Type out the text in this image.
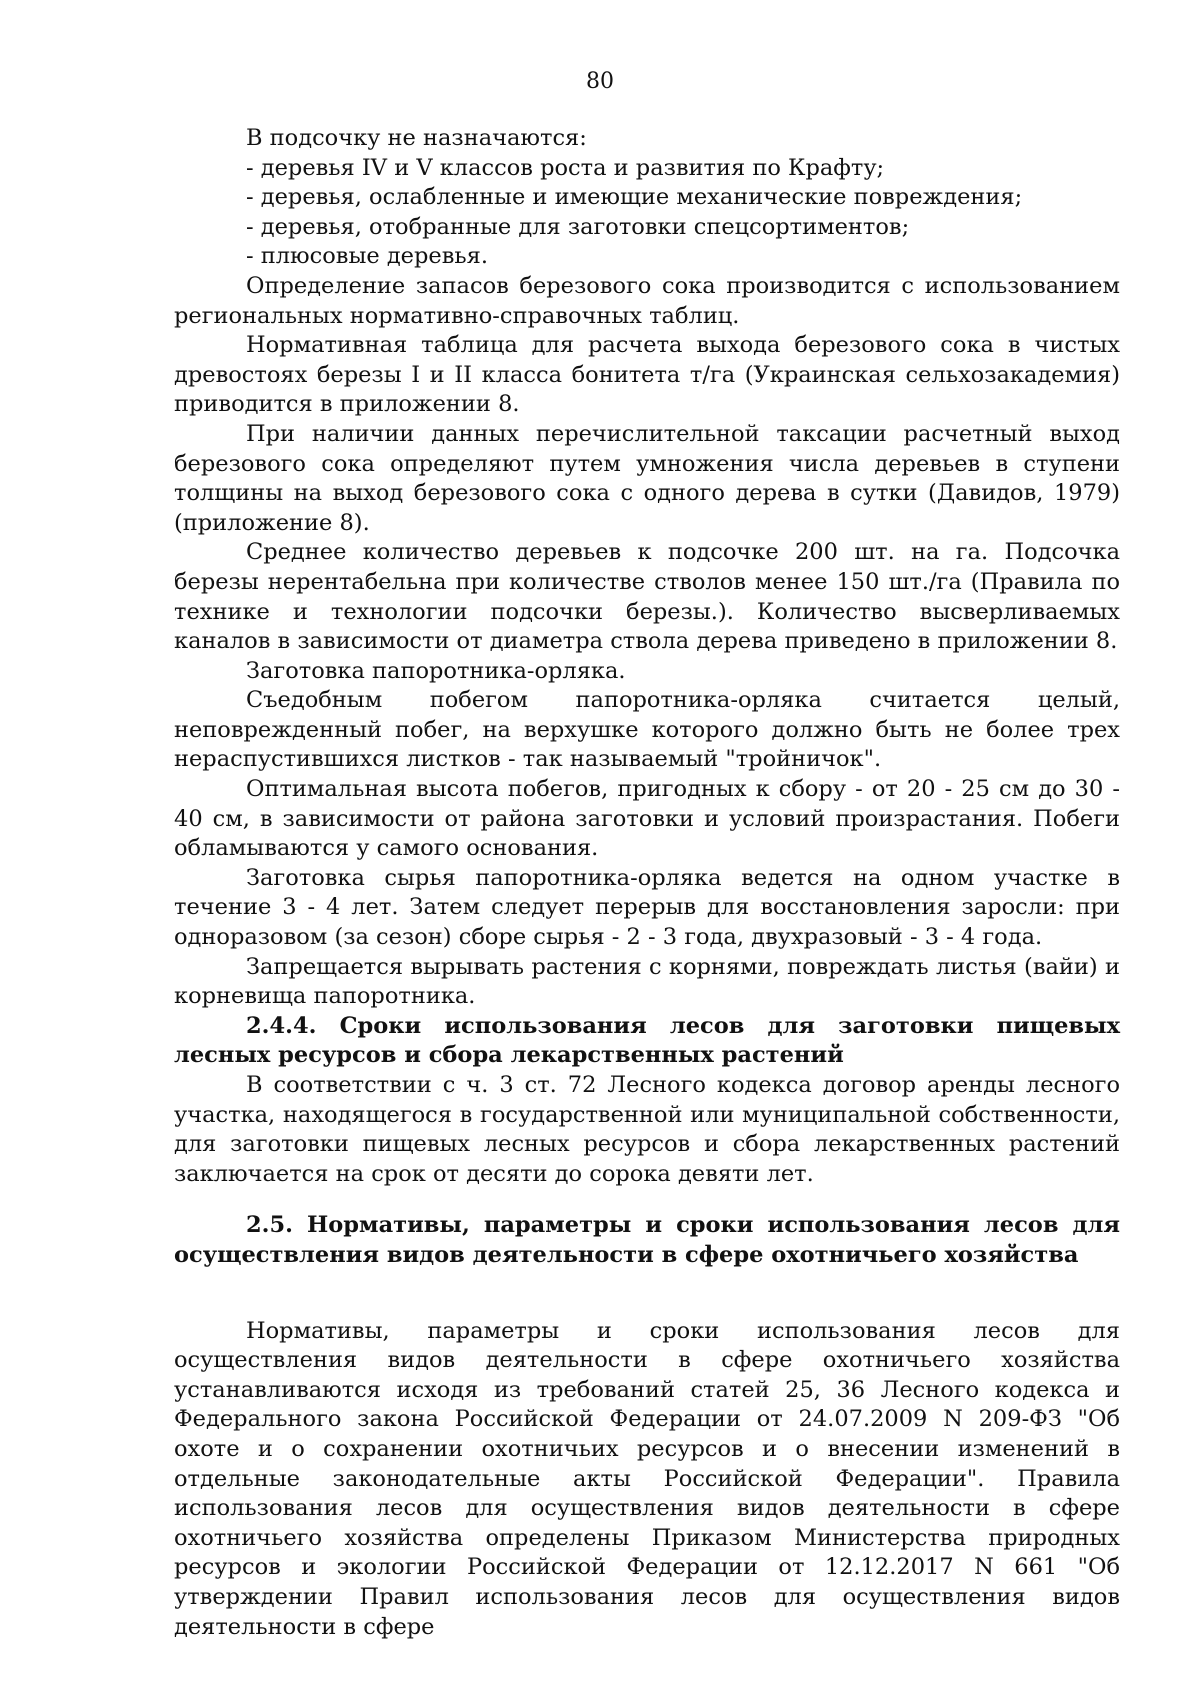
80

В подсочку не назначаются:

- деревья IV и V классов роста и развития по Крафту;

- деревья, ослабленные и имеющие механические повреждения;

- деревья, отобранные для заготовки спецсортиментов;

- плюсовые деревья.

Определение запасов березового сока производится с использованием региональных нормативно-справочных таблиц.

Нормативная таблица для расчета выхода березового сока в чистых древостоях березы I и II класса бонитета т/га (Украинская сельхозакадемия) приводится в приложении 8.

При наличии данных перечислительной таксации расчетный выход березового сока определяют путем умножения числа деревьев в ступени толщины на выход березового сока с одного дерева в сутки (Давидов, 1979) (приложение 8).

Среднее количество деревьев к подсочке 200 шт. на га. Подсочка березы нерентабельна при количестве стволов менее 150 шт./га (Правила по технике и технологии подсочки березы.). Количество высверливаемых каналов в зависимости от диаметра ствола дерева приведено в приложении 8.

Заготовка папоротника-орляка.

Съедобным побегом папоротника-орляка считается целый, неповрежденный побег, на верхушке которого должно быть не более трех нераспустившихся листков - так называемый "тройничок".

Оптимальная высота побегов, пригодных к сбору - от 20 - 25 см до 30 - 40 см, в зависимости от района заготовки и условий произрастания. Побеги обламываются у самого основания.

Заготовка сырья папоротника-орляка ведется на одном участке в течение 3 - 4 лет. Затем следует перерыв для восстановления заросли: при одноразовом (за сезон) сборе сырья - 2 - 3 года, двухразовый - 3 - 4 года.

Запрещается вырывать растения с корнями, повреждать листья (вайи) и корневища папоротника.

2.4.4. Сроки использования лесов для заготовки пищевых лесных ресурсов и сбора лекарственных растений

В соответствии с ч. 3 ст. 72 Лесного кодекса договор аренды лесного участка, находящегося в государственной или муниципальной собственности, для заготовки пищевых лесных ресурсов и сбора лекарственных растений заключается на срок от десяти до сорока девяти лет.

2.5. Нормативы, параметры и сроки использования лесов для осуществления видов деятельности в сфере охотничьего хозяйства

Нормативы, параметры и сроки использования лесов для осуществления видов деятельности в сфере охотничьего хозяйства устанавливаются исходя из требований статей 25, 36 Лесного кодекса и Федерального закона Российской Федерации от 24.07.2009 N 209-ФЗ "Об охоте и о сохранении охотничьих ресурсов и о внесении изменений в отдельные законодательные акты Российской Федерации". Правила использования лесов для осуществления видов деятельности в сфере охотничьего хозяйства определены Приказом Министерства природных ресурсов и экологии Российской Федерации от 12.12.2017 N 661 "Об утверждении Правил использования лесов для осуществления видов деятельности в сфере
